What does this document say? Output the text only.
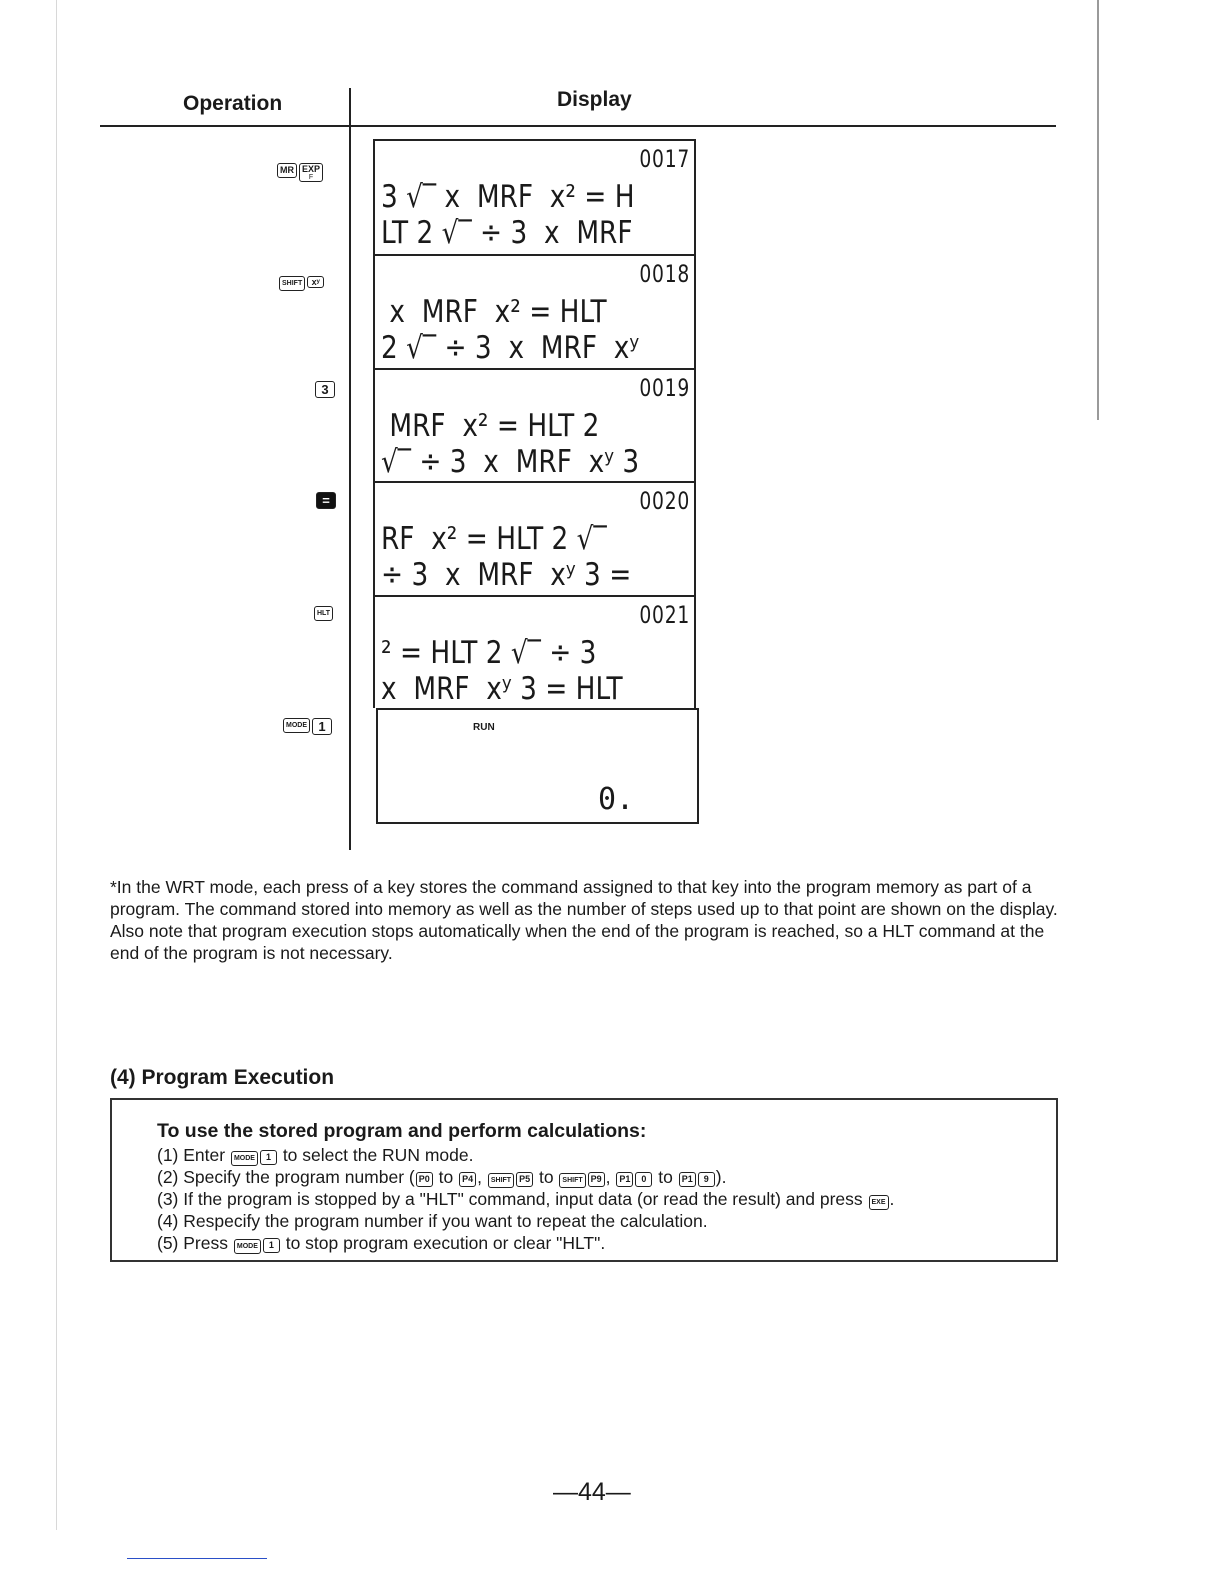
Operation	Display
MR EXP
F
SHIFT	xʸ
3
=
HLT
MODE 1
0017
3 √‾ x  MRF  x² = H
LT 2 √‾ ÷ 3  x  MRF
0018
x  MRF  x² = HLT
2 √‾ ÷ 3  x  MRF  xʸ
0019
MRF  x² = HLT 2
√‾ ÷ 3  x  MRF  xʸ 3
0020
RF  x² = HLT 2 √‾
÷ 3  x  MRF  xʸ 3 =
0021
² = HLT 2 √‾ ÷ 3
x  MRF  xʸ 3 = HLT
RUN
0.
*In the WRT mode, each press of a key stores the command assigned to that key into the program memory as part of a program. The command stored into memory as well as the number of steps used up to that point are shown on the display. Also note that program execution stops automatically when the end of the program is reached, so a HLT command at the end of the program is not necessary.
(4) Program Execution
To use the stored program and perform calculations:
(1) Enter MODE 1 to select the RUN mode.
(2) Specify the program number ( P0 to P4 , SHIFT P5 to SHIFT P9 , P1 0 to P1 9 ).
(3) If the program is stopped by a "HLT" command, input data (or read the result) and press EXE .
(4) Respecify the program number if you want to repeat the calculation.
(5) Press MODE 1 to stop program execution or clear "HLT".
—44—
